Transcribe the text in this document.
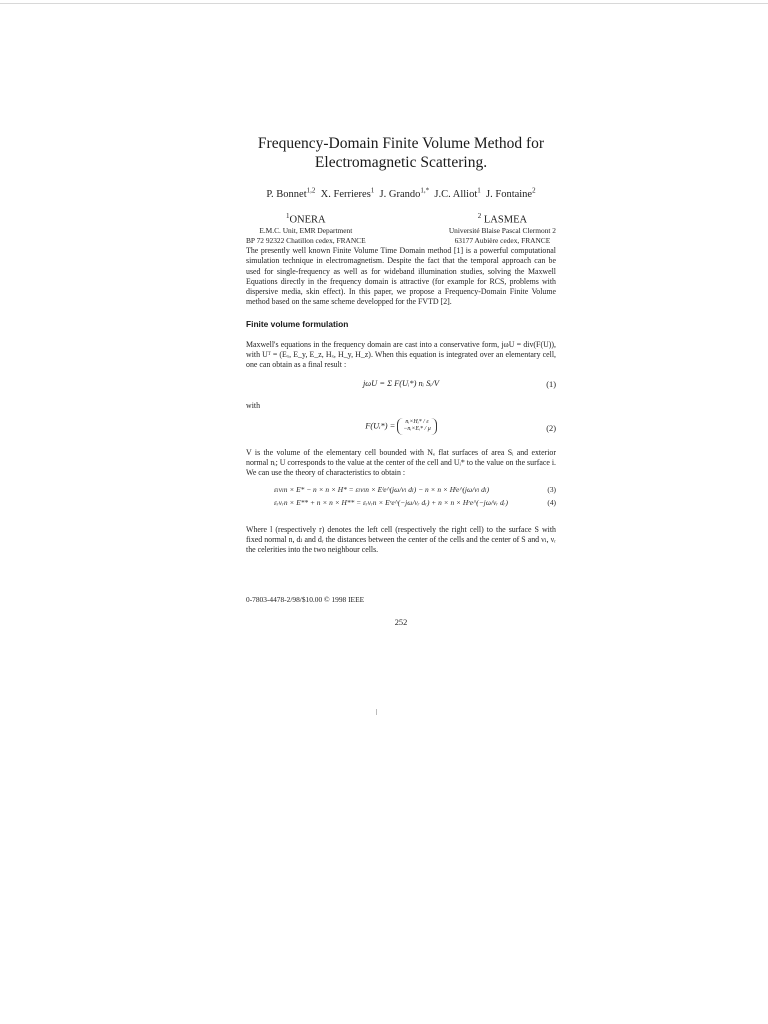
Frequency-Domain Finite Volume Method for
Electromagnetic Scattering.
P. Bonnet$^{1,2}$ X. Ferrieres$^1$ J. Grando$^{1,*}$ J.C. Alliot$^1$ J. Fontaine$^2$
$^1$ONERA
E.M.C. Unit, EMR Department
BP 72 92322 Chatillon cedex, FRANCE
$^2$ LASMEA
Université Blaise Pascal Clermont 2
63177 Aubière cedex, FRANCE

The presently well known Finite Volume Time Domain method [1] is a powerful computational simulation technique in electromagnetism. Despite the fact that the temporal approach can be used for single-frequency as well as for wideband illumination studies, solving the Maxwell Equations directly in the frequency domain is attractive (for example for RCS, problems with dispersive media, skin effect). In this paper, we propose a Frequency-Domain Finite Volume method based on the same scheme developped for the FVTD [2].

Finite volume formulation

Maxwell's equations in the frequency domain are cast into a conservative form, jωU = div(F(U)), with Uᵀ = (Eₓ, E_y, E_z, Hₓ, H_y, H_z). When this equation is integrated over an elementary cell, one can obtain as a final result :

jωU = Σ F(Uᵢ*) nᵢ Sᵢ/V	(1)

with

F(Uᵢ*) =	nᵢ×Hᵢ* / ε
−nᵢ×Eᵢ* / μ	(2)

V is the volume of the elementary cell bounded with Nₑ flat surfaces of area Sᵢ and exterior normal nᵢ; U corresponds to the value at the center of the cell and Uᵢ* to the value on the surface i. We can use the theory of characteristics to obtain :

εₗνₗn × E* − n × n × H* = εₗνₗn × Eˡe^(jω/νₗ dₗ) − n × n × Hˡe^(jω/νₗ dₗ)	(3)
εᵣνᵣn × E** + n × n × H** = εᵣνᵣn × Eʳe^(−jω/νᵣ dᵣ) + n × n × Hʳe^(−jω/νᵣ dᵣ)	(4)

Where l (respectively r) denotes the left cell (respectively the right cell) to the surface S with fixed normal n, dₗ and dᵣ the distances between the center of the cells and the center of S and νₗ, νᵣ the celerities into the two neighbour cells.

0-7803-4478-2/98/$10.00 © 1998 IEEE
252
